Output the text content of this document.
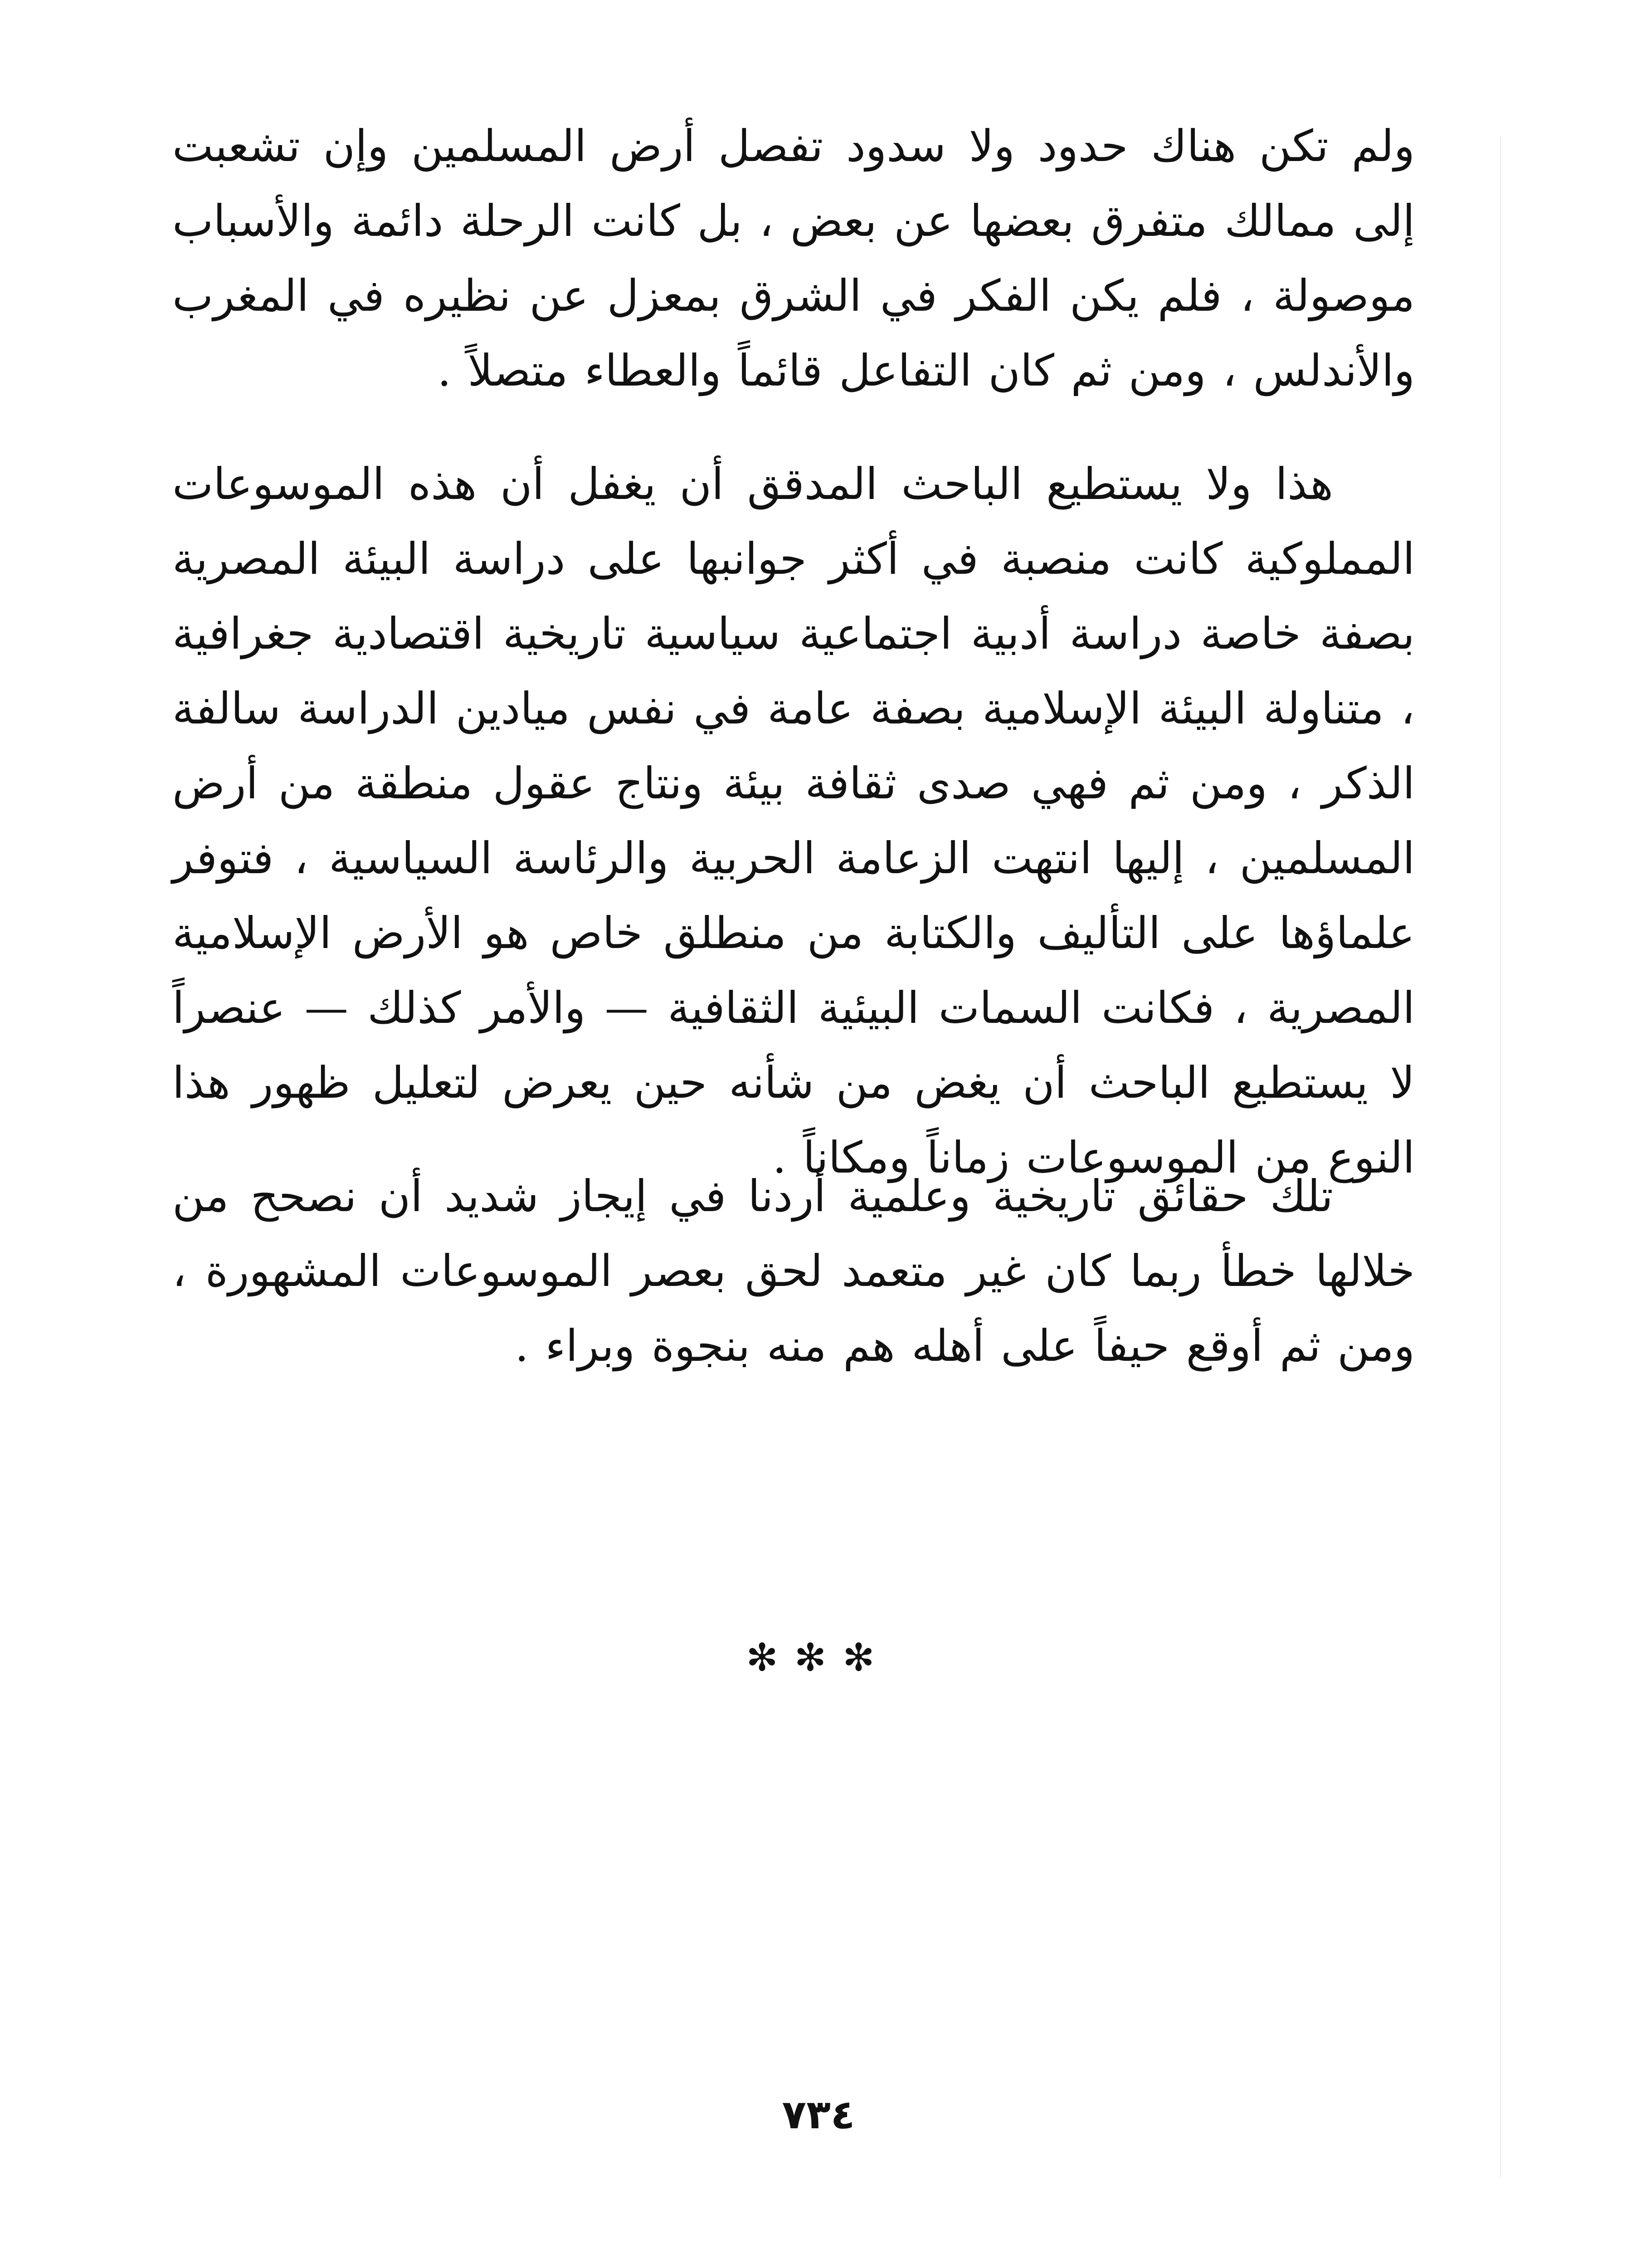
ولم تكن هناك حدود ولا سدود تفصل أرض المسلمين وإن تشعبت إلى ممالك متفرق بعضها عن بعض ، بل كانت الرحلة دائمة والأسباب موصولة ، فلم يكن الفكر في الشرق بمعزل عن نظيره في المغرب والأندلس ، ومن ثم كان التفاعل قائماً والعطاء متصلاً .

هذا ولا يستطيع الباحث المدقق أن يغفل أن هذه الموسوعات المملوكية كانت منصبة في أكثر جوانبها على دراسة البيئة المصرية بصفة خاصة دراسة أدبية اجتماعية سياسية تاريخية اقتصادية جغرافية ، متناولة البيئة الإسلامية بصفة عامة في نفس ميادين الدراسة سالفة الذكر ، ومن ثم فهي صدى ثقافة بيئة ونتاج عقول منطقة من أرض المسلمين ، إليها انتهت الزعامة الحربية والرئاسة السياسية ، فتوفر علماؤها على التأليف والكتابة من منطلق خاص هو الأرض الإسلامية المصرية ، فكانت السمات البيئية الثقافية — والأمر كذلك — عنصراً لا يستطيع الباحث أن يغض من شأنه حين يعرض لتعليل ظهور هذا النوع من الموسوعات زماناً ومكاناً .

تلك حقائق تاريخية وعلمية أردنا في إيجاز شديد أن نصحح من خلالها خطأ ربما كان غير متعمد لحق بعصر الموسوعات المشهورة ، ومن ثم أوقع حيفاً على أهله هم منه بنجوة وبراء .

✻✻✻
٧٣٤
